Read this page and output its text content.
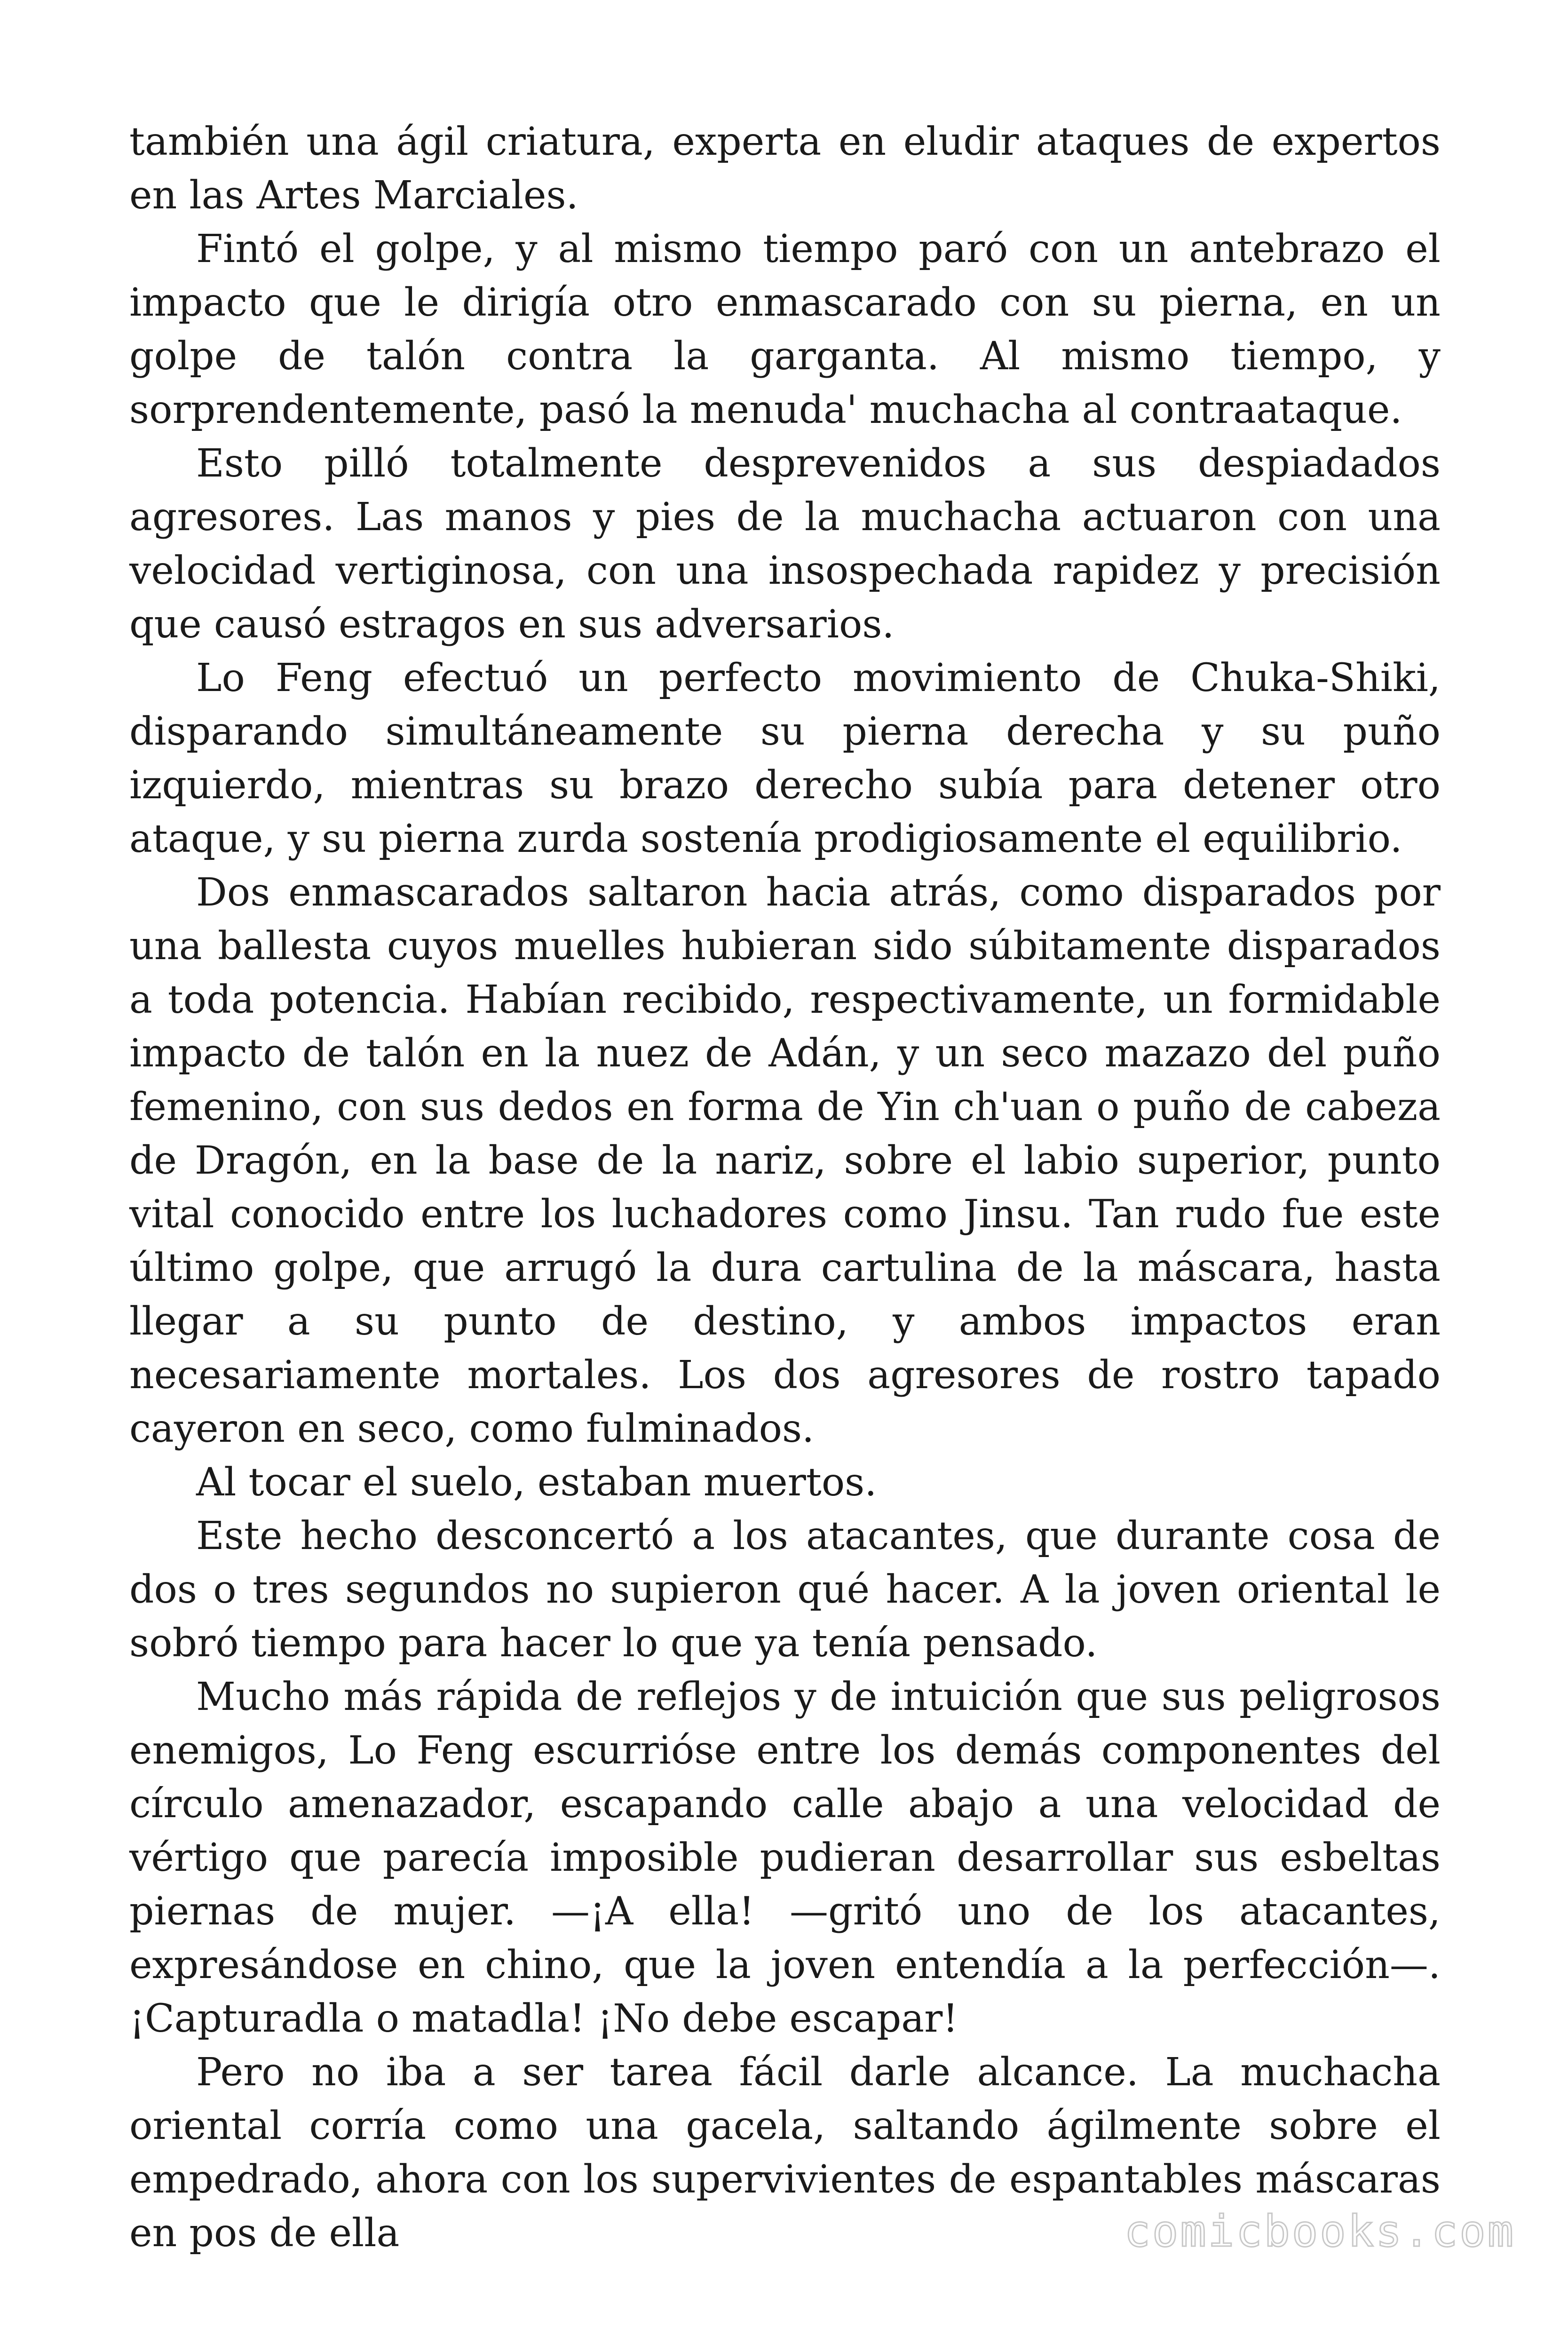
también una ágil criatura, experta en eludir ataques de expertos en las Artes Marciales.

Fintó el golpe, y al mismo tiempo paró con un antebrazo el impacto que le dirigía otro enmascarado con su pierna, en un golpe de talón contra la garganta. Al mismo tiempo, y sorprendentemente, pasó la menuda' muchacha al contraataque.

Esto pilló totalmente desprevenidos a sus despiadados agresores. Las manos y pies de la muchacha actuaron con una velocidad vertiginosa, con una insospechada rapidez y precisión que causó estragos en sus adversarios.

Lo Feng efectuó un perfecto movimiento de Chuka-Shiki, disparando simultáneamente su pierna derecha y su puño izquierdo, mientras su brazo derecho subía para detener otro ataque, y su pierna zurda sostenía prodigiosamente el equilibrio.

Dos enmascarados saltaron hacia atrás, como disparados por una ballesta cuyos muelles hubieran sido súbitamente disparados a toda potencia. Habían recibido, respectivamente, un formidable impacto de talón en la nuez de Adán, y un seco mazazo del puño femenino, con sus dedos en forma de Yin ch'uan o puño de cabeza de Dragón, en la base de la nariz, sobre el labio superior, punto vital conocido entre los luchadores como Jinsu. Tan rudo fue este último golpe, que arrugó la dura cartulina de la máscara, hasta llegar a su punto de destino, y ambos impactos eran necesariamente mortales. Los dos agresores de rostro tapado cayeron en seco, como fulminados.

Al tocar el suelo, estaban muertos.

Este hecho desconcertó a los atacantes, que durante cosa de dos o tres segundos no supieron qué hacer. A la joven oriental le sobró tiempo para hacer lo que ya tenía pensado.

Mucho más rápida de reflejos y de intuición que sus peligrosos enemigos, Lo Feng escurrióse entre los demás componentes del círculo amenazador, escapando calle abajo a una velocidad de vértigo que parecía imposible pudieran desarrollar sus esbeltas piernas de mujer. —¡A ella! —gritó uno de los atacantes, expresándose en chino, que la joven entendía a la perfección—. ¡Capturadla o matadla! ¡No debe escapar!

Pero no iba a ser tarea fácil darle alcance. La muchacha oriental corría como una gacela, saltando ágilmente sobre el empedrado, ahora con los supervivientes de espantables máscaras en pos de ella	comicbooks.com
